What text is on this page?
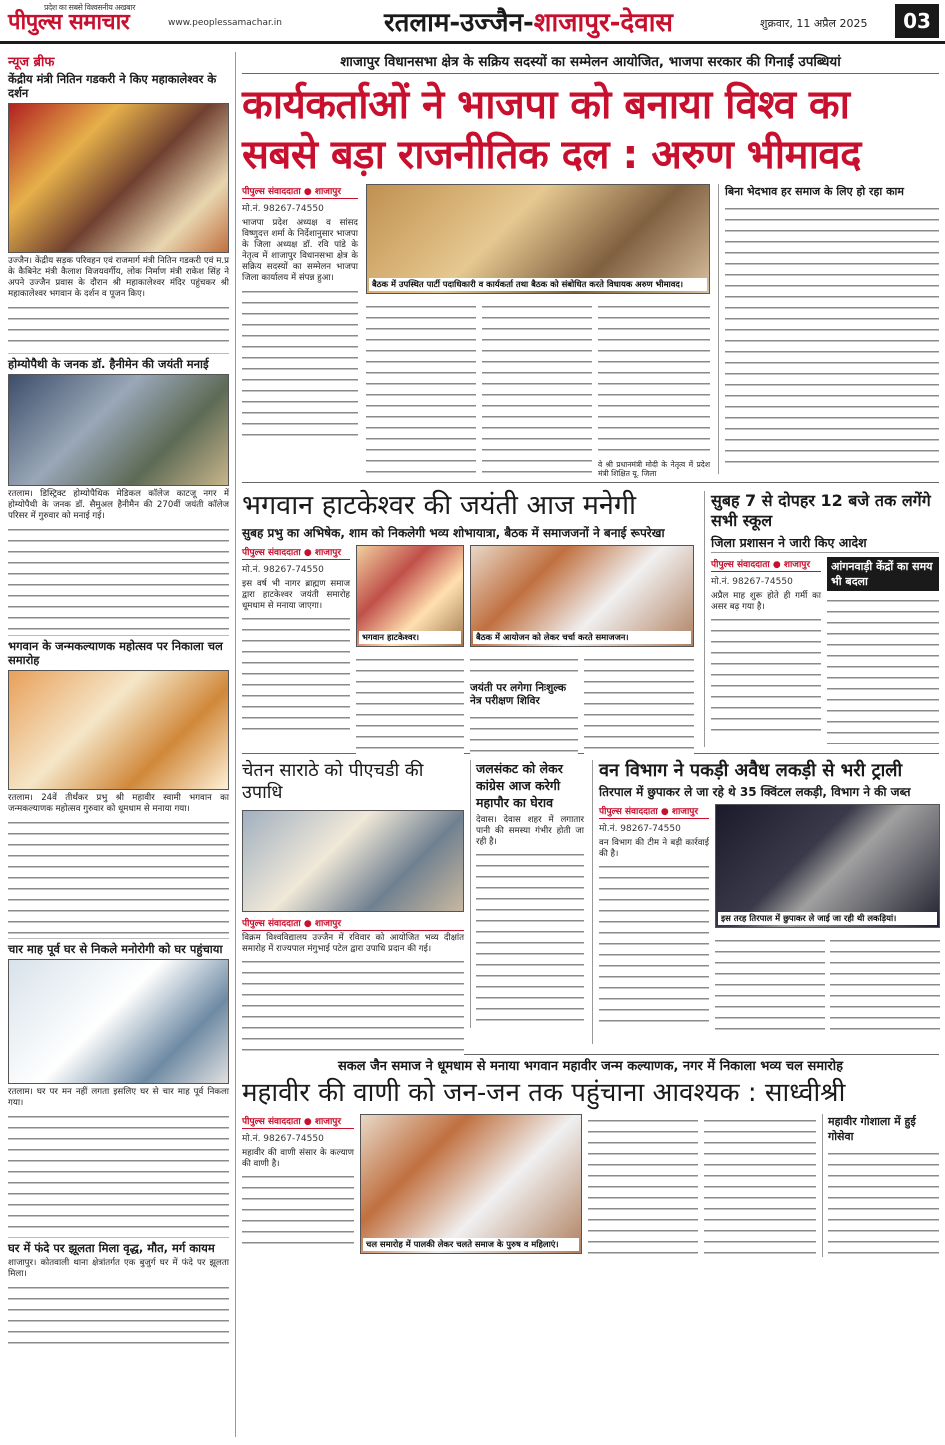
प्रदेश का सबसे विश्वसनीय अखबार
पीपुल्स समाचार	www.peoplessamachar.in	रतलाम-उज्जैन-शाजापुर-देवास	शुक्रवार, 11 अप्रैल 2025	03
न्यूज ब्रीफ
केंद्रीय मंत्री नितिन गडकरी ने किए महाकालेश्वर के दर्शन
उज्जैन। केंद्रीय सड़क परिवहन एवं राजमार्ग मंत्री नितिन गडकरी एवं म.प्र के कैबिनेट मंत्री कैलाश विजयवर्गीय, लोक निर्माण मंत्री राकेश सिंह ने अपने उज्जैन प्रवास के दौरान श्री महाकालेश्वर मंदिर पहुंचकर श्री महाकालेश्वर भगवान के दर्शन व पूजन किए।
होम्योपैथी के जनक डॉ. हैनीमेन की जयंती मनाई
रतलाम। डिस्ट्रिक्ट होम्योपैथिक मेडिकल कॉलेज काटजू नगर में होम्योपैथी के जनक डॉ. सैमुअल हैनीमैन की 270वीं जयंती कॉलेज परिसर में गुरुवार को मनाई गई।
भगवान के जन्मकल्याणक महोत्सव पर निकाला चल समारोह
रतलाम। 24वें तीर्थंकर प्रभु श्री महावीर स्वामी भगवान का जन्मकल्याणक महोत्सव गुरुवार को धूमधाम से मनाया गया।
चार माह पूर्व घर से निकले मनोरोगी को घर पहुंचाया
रतलाम। घर पर मन नहीं लगता इसलिए घर से चार माह पूर्व निकला गया।
घर में फंदे पर झूलता मिला वृद्ध, मौत, मर्ग कायम
शाजापुर। कोतवाली थाना क्षेत्रांतर्गत एक बुजुर्ग घर में फंदे पर झूलता मिला।
शाजापुर विधानसभा क्षेत्र के सक्रिय सदस्यों का सम्मेलन आयोजित, भाजपा सरकार की गिनाईं उपब्धियां
कार्यकर्ताओं ने भाजपा को बनाया विश्व का
सबसे बड़ा राजनीतिक दल : अरुण भीमावद
पीपुल्स संवाददाता ● शाजापुर
मो.नं. 98267-74550
भाजपा प्रदेश अध्यक्ष व सांसद विष्णुदत्त शर्मा के निर्देशानुसार भाजपा के जिला अध्यक्ष डॉ. रवि पांडे के नेतृत्व में शाजापुर विधानसभा क्षेत्र के सक्रिय सदस्यों का सम्मेलन भाजपा जिला कार्यालय में संपन्न हुआ।
बैठक में उपस्थित पार्टी पदाधिकारी व कार्यकर्ता तथा बैठक को संबोधित करते विधायक अरुण भीमावद।
वे श्री प्रधानमंत्री मोदी के नेतृत्व में प्रदेश मंत्री शिक्षित यू. जिला
बिना भेदभाव हर समाज के लिए हो रहा काम
भगवान हाटकेश्वर की जयंती आज मनेगी
सुबह प्रभु का अभिषेक, शाम को निकलेगी भव्य शोभायात्रा, बैठक में समाजजनों ने बनाई रूपरेखा
पीपुल्स संवाददाता ● शाजापुर
मो.नं. 98267-74550
इस वर्ष भी नागर ब्राह्मण समाज द्वारा हाटकेश्वर जयंती समारोह धूमधाम से मनाया जाएगा।
भगवान हाटकेश्वर।	बैठक में आयोजन को लेकर चर्चा करते समाजजन।
जयंती पर लगेगा निःशुल्क नेत्र परीक्षण शिविर
सुबह 7 से दोपहर 12 बजे तक लगेंगे सभी स्कूल
जिला प्रशासन ने जारी किए आदेश
पीपुल्स संवाददाता ● शाजापुर
मो.नं. 98267-74550
अप्रैल माह शुरू होते ही गर्मी का असर बढ़ गया है।
आंगनवाड़ी केंद्रों का समय भी बदला
चेतन साराठे को पीएचडी की उपाधि
पीपुल्स संवाददाता ● शाजापुर
विक्रम विश्वविद्यालय उज्जैन में रविवार को आयोजित भव्य दीक्षांत समारोह में राज्यपाल मंगुभाई पटेल द्वारा उपाधि प्रदान की गई।
जलसंकट को लेकर कांग्रेस आज करेगी महापौर का घेराव
देवास। देवास शहर में लगातार पानी की समस्या गंभीर होती जा रही है।
वन विभाग ने पकड़ी अवैध लकड़ी से भरी ट्राली
तिरपाल में छुपाकर ले जा रहे थे 35 क्विंटल लकड़ी, विभाग ने की जब्त
पीपुल्स संवाददाता ● शाजापुर
मो.नं. 98267-74550
वन विभाग की टीम ने बड़ी कार्रवाई की है।
इस तरह तिरपाल में छुपाकर ले जाई जा रही थी लकड़ियां।
सकल जैन समाज ने धूमधाम से मनाया भगवान महावीर जन्म कल्याणक, नगर में निकाला भव्य चल समारोह
महावीर की वाणी को जन-जन तक पहुंचाना आवश्यक : साध्वीश्री
पीपुल्स संवाददाता ● शाजापुर
मो.नं. 98267-74550
महावीर की वाणी संसार के कल्याण की वाणी है।
चल समारोह में पालकी लेकर चलते समाज के पुरुष व महिलाएं।
महावीर गोशाला में हुई गोसेवा
